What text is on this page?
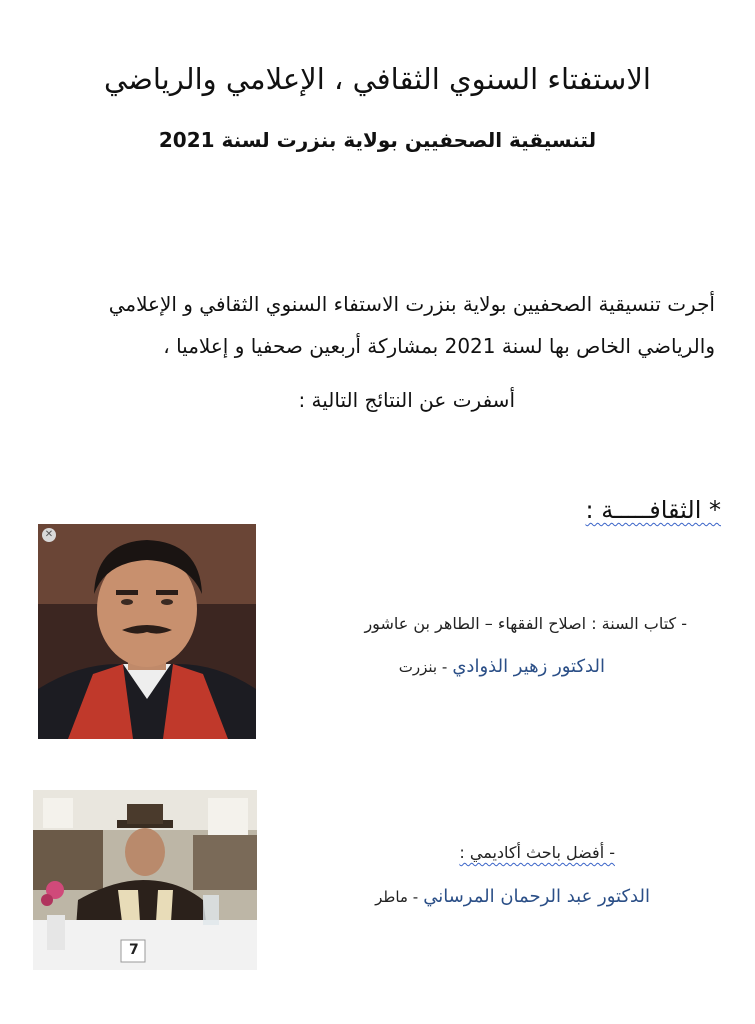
الاستفتاء السنوي الثقافي ، الإعلامي والرياضي
لتنسيقية الصحفيين بولاية بنزرت لسنة 2021
أجرت تنسيقية الصحفيين بولاية بنزرت الاستفاء السنوي الثقافي و الإعلامي
والرياضي الخاص بها لسنة 2021 بمشاركة أربعين صحفيا و إعلاميا ،
أسفرت عن النتائج التالية :
* الثقافـــــة :
✕
- كتاب السنة : اصلاح الفقهاء – الطاهر بن عاشور
الدكتور زهير الذوادي - بنزرت
7
- أفضل باحث أكاديمي :
الدكتور عبد الرحمان المرساني - ماطر
